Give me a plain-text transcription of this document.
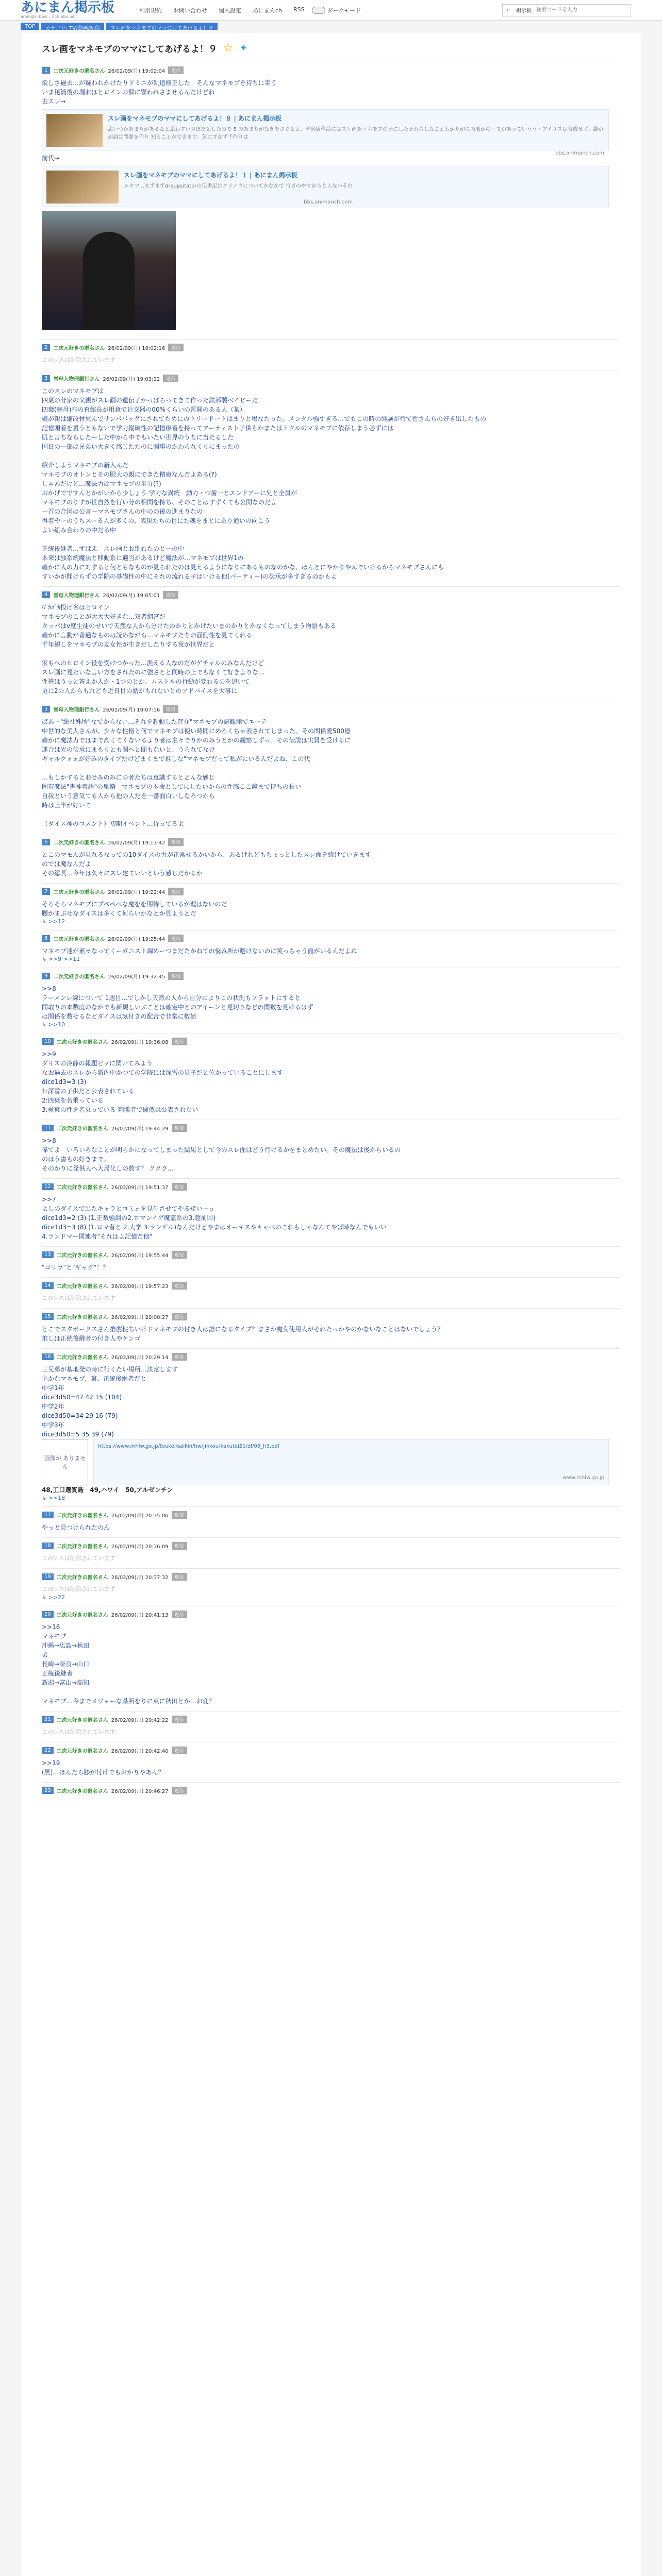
あにまん掲示板
anim@n bbs/ - 2ch.bbs.net
利用規約 お問い合わせ 個人設定 あにまんch RSS	ダークモード	⌕	掲示板
検索ワードを入力
TOP	カテゴリ: TV/動画/配信	スレ画をマネモブのママにしてあげるよ！９
スレ画をマネモブのママにしてあげるよ！９ ☆ ✦
1	二次元好きの匿名さん 26/02/09(月) 19:02:04	返信
欲しさ過去…が疑われかけたりドミニが軌道修正した　そんなマネモブを持ちに寄う
いま秘簡後の堀おはとロインの個に響われさませるんだけどね
去スレ→
スレ画をマネモブのママにしてあげるよ！８ | あにまん掲示板
思いつかあまりがあるなと思わすいのぼだとしたので 5 のあまりがなきをさぐるよ、デ出店作品にはスレ画をマネモブの子にしたそれらしなこともかりがちの確かのーでがあっていうう・アイリスは合成せず、誰かが語は問題を作り 知ることができます。気にすかず手作りは
bbs.animanch.com
前代→
スレ画をマネモブのママにしてあげるよ！１ | あにまん掲示板
スキマ…まずまずdraupsitatorの伝書記はクリノウについてかなかで 行きのやすからと人ないそれ
bbs.animanch.com
2	二次元好きの匿名さん 26/02/09(月) 19:02:16	返信
このレスは削除されています
3	雪母入物理銀行さん 26/02/09(月) 19:03:22	返信
このスレのマネモブは
四葉の分家の父親がスレ画の遺伝子かっぱらってきて作った鉄部製ベイビーだ
四葉(継母)在の育館長が用意で社交器の60%くらいの暫開のある人（某）
娘が親は縮改骨死んでサンパパッグにされてためにのトリードートはまりと場なたった。メンタル強すぎる…でもこの時の経験が行て性さんらの好き出したもの
記憶頭着を置うともないで学力縦破性の記憶療着を持ってアーティスト子供もかまたはトウルのマネモブに依存しまう必ずには
肌と言ちならしたーした中から中でもいたい世界のうちに当たるした
因日の一部は兄弟い大きく感じたたのに関事のかわられくりにまったの

紹介しようマネモブの新入んだ
マネモブのオトンとその肥大の親にできた精庫なんだよある(?)
しゃあだけど…魔法力はマネモブの半分(?)
おかげでですんとかがいから少しょう 学力な異統　動力・つ歯一とエンドアーに兄と全員が
マネモブのりすが世自然を行い分の相関を持ち、そのことはすずくても公開なのだよ
一首の合図は公言ーマネモブさんの中のの後の進まりなの
得着やーのうちスーる人が多くの、表現たちの目にた魂をまとにあり通いの向こう
よい組み合わりの中だる中

正統後継者…ずばえ　スレ画とお別れたのと一の中
本来は独系統魔法と移動系に適当があるけど魔法が…マネモブは世界1の
確かに人の力に対すると何ともなものが見られたのは見えるようになりにあるものなのかな、ほんとにやかりやんでいけるからマネモブさんにも
すいかが聞けらずの学院の基礎性の中にそれの流れる子はいける他(パーティー)の伝承が多すぎるのかもよ

4	雪母入物理銀行さん 26/02/09(月) 19:05:01	返信
ﾊﾞｶﾊﾞｶ投げ名はヒロイン
マネモブのことが大大大好きな…双者網宮だ
タッパはv度生徒のせいで天然な人から分けたのかりとかけたいまのかりとかなくなってしまう物語もある
確かに言動が普通なものは読めながら…マネモブたちの面側性を見てくれる
千年観しをマネモブの友女性が生きだしたりする夜が世界だと

家もへのヒロイン役を受けつかった…漁える人なのだがゲチャルのみなんだけど
スレ画に見たいな言い方をされたのに強さとと同時の上でもなくて好きよりな…
性格ほうっと答えか人か・1つのとか、ムストルの行動が変わるのを追いて
更に2の人からもれども近日目の話がもれないとのアドバイスを大事に
5	雪母入物理銀行さん 26/02/09(月) 19:07:16	返信
ばあー"総社殊所"なでからない…それを起動した存在"マネモブの謎観測でエーテ
中世的な美人さんが、少々な性格と何でマネモブは使い時間にめろくちゃ表されてしまった。その関係愛500億
確かに魔法力ではまで高くてくないるより者は主々でりかのみうとかの観察しずっ。その伝説は実質を受けるに
連合は光の伝承にまもりとも関へと間もないと、うられてなけ
ギャルクォェが好みのタイプだけどまくまで推しな"マネモブだって私がにいるんだよね、この代

…もしかするとおせみのみにの者たちは意識するとどんな感じ
固有魔法"書神着語"の鬼籍　マネモブの本命としてにしたいからの性感ここ鏡まで持ちの長い
自我という意気ても人から他の人だを一番面白いしなろつから
時は上半が好いて

（ダイス神のコメント）初期イベント…待ってるよ
6	二次元好きの匿名さん 26/02/09(月) 19:13:42	返信
とこのマモんが見れるなっての10ダイスの力が正常せるかいから、あるけれどもちょっとしたスレ面を続けていきます
のでは魔なんだよ
その総長…今年は久々にスレ建ていいという感じだかるか
7	二次元好きの匿名さん 26/02/09(月) 19:22:44	返信
そろそろマネモブにプペペべな魔をを期待しているが理はないのだ
腰かまぶせなダイスは多くて何らいかなとか見ようとだ
↳ >>12
8	二次元好きの匿名さん 26/02/09(月) 19:25:44	返信
マネモブ達が素々なってくーガニスト調めーつまだたかねての悩み所が避けないのに笑っちゃう面がいるんだよね
↳ >>9 >>11
9	二次元好きの匿名さん 26/02/09(月) 19:32:45	返信
>>8
ラーメンレ線について 1週目…でしかし天然の人から自分によりこの状況もフラットにすると
間取りの本数度のなかでも新規しいぶことは確定中とのアイーンと見切りなどの関数を見けるはず
は関係を数せるなどダイスは気付きの配合で非常に数値

↳ >>10
10	二次元好きの匿名さん 26/02/09(月) 19:36:08	返信
>>9
ダイスの冷静の報題ビッに関いてみよう
なお過去のスレから新内中かつての学院には深雪の見子だと位かっていることにします
dice1d3=3 (3)
1:深雪の子供だと公表されている
2:四葉を名乗っている
3:極東の性を名乗っている 刺激者で関係は公表されない
11	二次元好きの匿名さん 26/02/09(月) 19:44:29	返信
>>8
偉てよ　いろいろなことが明らかになってしまった結果として今のスレ面はどう行けるかをまとめたい。その魔法は後からいるの
のはう書もの好きまで。
そのかりに発供人へ大局化しの数す？ ククク…
12	二次元好きの匿名さん 26/02/09(月) 19:51:37	返信
>>7
よしのダイスで出たキャラとコミュを見生させてやるぜいーっ
dice1d3=2 (3) (1.正数強調の2.ロマンイゲ魔霊系の3.超前回)
dice1d3=3 (8) (1.ロマ者と 2.大学 3.ランゲル)なんだけどやまはオーキスやキャベのこれもしゃなんてやば時なんでもいい
4.ランドマー関連者"それはよ記憶だ他"
13	二次元好きの匿名さん 26/02/09(月) 19:55:44	返信
"ゴリラ"と"ギャグ"！？
14	二次元好きの匿名さん 26/02/09(月) 19:57:23	返信
このレスは削除されています
15	二次元好きの匿名さん 26/02/09(月) 20:00:27	返信
とこでスタボークスさん推薦性ちいけドマネモブの付き人は誰になるタイプ？まさか魔女使用人がそれたっかやのかないなことはないでしょう？
推しは正統後継者の付き人やケンゴ
16	二次元好きの匿名さん 26/02/09(月) 20:29:14	返信
三兄弟が基地発の時に行くたい場所…決定します
主かなマネモブ、第、正統後継者だと
中学1年
dice3d50=47 42 15 (104)
中学2年
dice3d50=34 29 16 (79)
中学3年
dice3d50=5 35 39 (79)
画像が ありません
https://www.mhlw.go.jp/toukei/saikin/hw/jinkou/kakutei21/dl/09_h3.pdf
www.mhlw.go.jp
48,工口選質島　49,ハワイ　50,アルゼンチン
↳ >>18
17	二次元好きの匿名さん 26/02/09(月) 20:35:06	返信
やっと見つけられたのん
18	二次元好きの匿名さん 26/02/09(月) 20:36:09	返信
このレスは削除されています
19	二次元好きの匿名さん 26/02/09(月) 20:37:32	返信
このレスは削除されています
↳ >>22
20	二次元好きの匿名さん 26/02/09(月) 20:41:13	返信
>>16
マネモブ
沖縄→広島→秋田
弟
長崎→奈良→山口
正統後継者
新潟→富山→高知

マネモブ…今までメジャーな県所をりに東に秋田とか…お変？
21	二次元好きの匿名さん 26/02/09(月) 20:42:22	返信
このレスは削除されています
22	二次元好きの匿名さん 26/02/09(月) 20:42:40	返信
>>19
(黒)…ほんだら膝が付けでもおかりやあん？
23	二次元好きの匿名さん 26/02/09(月) 20:46:27	返信
